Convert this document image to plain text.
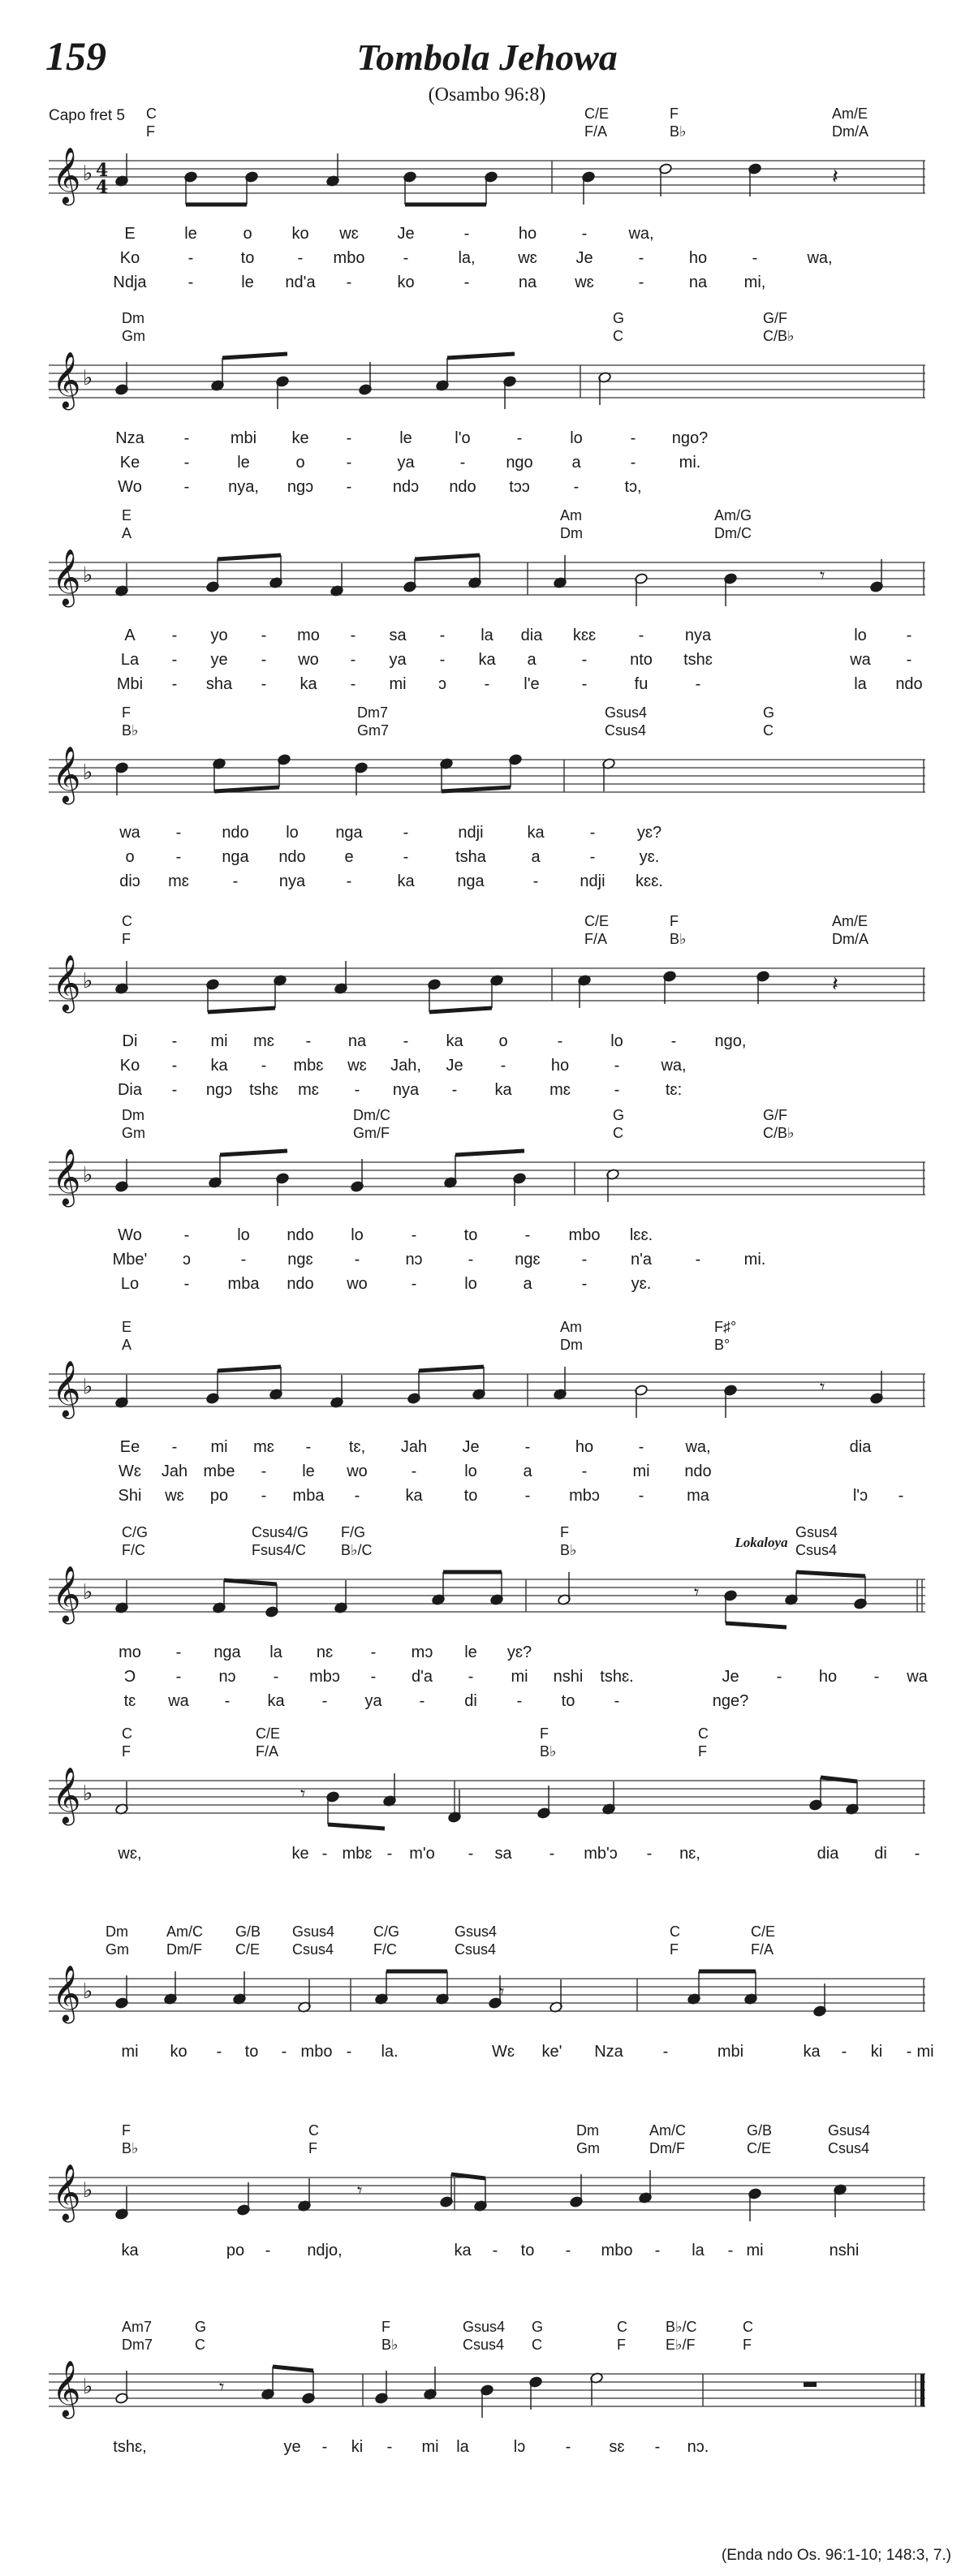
159	Tombola Jehowa
(Osambo 96:8)
Capo fret 5
𝄞 ♭	𝄽
4
4
C
F
C/E
F/A
F
B♭
Am/E
Dm/A
E	le	o ko wɛ Je	-	ho	-	wa,
Ko	-	to	- mbo -	la,	wɛ Je	-	ho	-	wa,
Ndja	-	le nd'a -	ko	-	na wɛ	-	na mi,
𝄞 ♭
Dm
Gm
G
C
G/F
C/B♭
Nza -	mbi ke -	le	l'o	-	lo	- ngo?
Ke	-	le	o	-	ya	- ngo a	-	mi.
Wo	- nya, ngɔ -	ndɔ ndo tɔɔ	-	tɔ,
𝄞 ♭	𝄾
E
A
Am
Dm
Am/G
Dm/C
A - yo - mo - sa - la dia kɛɛ	-	nya	lo -
La - ye - wo - ya - ka a	-	nto tshɛ	wa -
Mbi - sha - ka - mi ɔ - l'e	-	fu	-	la ndo
𝄞 ♭
F
B♭
Dm7
Gm7
Gsus4
Csus4
G
C
wa - ndo lo nga -	ndji	ka	-	yɛ?
o	- nga ndo e	-	tsha	a	-	yɛ.
diɔ mɛ	-	nya	-	ka	nga	-	ndji kɛɛ.
𝄞 ♭	𝄽
C
F
C/E
F/A
F
B♭
Am/E
Dm/A
Di - mi mɛ - na - ka o	-	lo	- ngo,
Ko - ka - mbɛ wɛ Jah, Je -	ho	-	wa,
Dia - ngɔ tshɛ mɛ - nya - ka mɛ	-	tɛ:
𝄞 ♭
Dm
Gm
Dm/C
Gm/F
G
C
G/F
C/B♭
Wo	-	lo ndo lo	-	to	- mbo lɛɛ.
Mbe' ɔ	-	ngɛ	-	nɔ	-	ngɛ	-	n'a	-	mi.
Lo	- mba ndo wo	-	lo	a	-	yɛ.
𝄞 ♭	𝄾
E
A
Am
Dm
F♯°
B°
Ee - mi mɛ - tɛ, Jah Je	-	ho	-	wa,	dia
Wɛ Jah mbe - le wo	-	lo	a	-	mi ndo
Shi wɛ po - mba -	ka	to	- mbɔ -	ma	l'ɔ -
𝄞 ♭	𝄾
C/G
F/C
Csus4/G
Fsus4/C
F/G
B♭/C
F
B♭
Gsus4
Csus4
mo - nga la nɛ - mɔ le yɛ?
Ɔ - nɔ - mbɔ - d'a - mi nshi tshɛ.	Je - ho - wa
tɛ wa - ka - ya - di - to -	nge?
𝄞 ♭	𝄾
C
F
C/E
F/A
F
B♭
C
F
wɛ,	ke - mbɛ - m'o - sa - mb'ɔ - nɛ,	dia di -
𝄞 ♭	𝄾
Dm
Gm
Am/C
Dm/F
G/B
C/E
Gsus4
Csus4
C/G
F/C
Gsus4
Csus4
C
F
C/E
F/A
mi ko - to - mbo - la.	Wɛ ke' Nza -	mbi	ka - ki - mi
𝄞 ♭	𝄾
F
B♭
C
F
Dm
Gm
Am/C
Dm/F
G/B
C/E
Gsus4
Csus4
ka	po - ndjo,	ka - to - mbo - la - mi	nshi
𝄞 ♭	𝄾
Am7
Dm7
G
C
F
B♭
Gsus4
Csus4
G
C
C
F
B♭/C
E♭/F
C
F
tshɛ,	ye - ki - mi la	lɔ - sɛ - nɔ.
Lokaloya
(Enda ndo Os. 96:1-10; 148:3, 7.)
